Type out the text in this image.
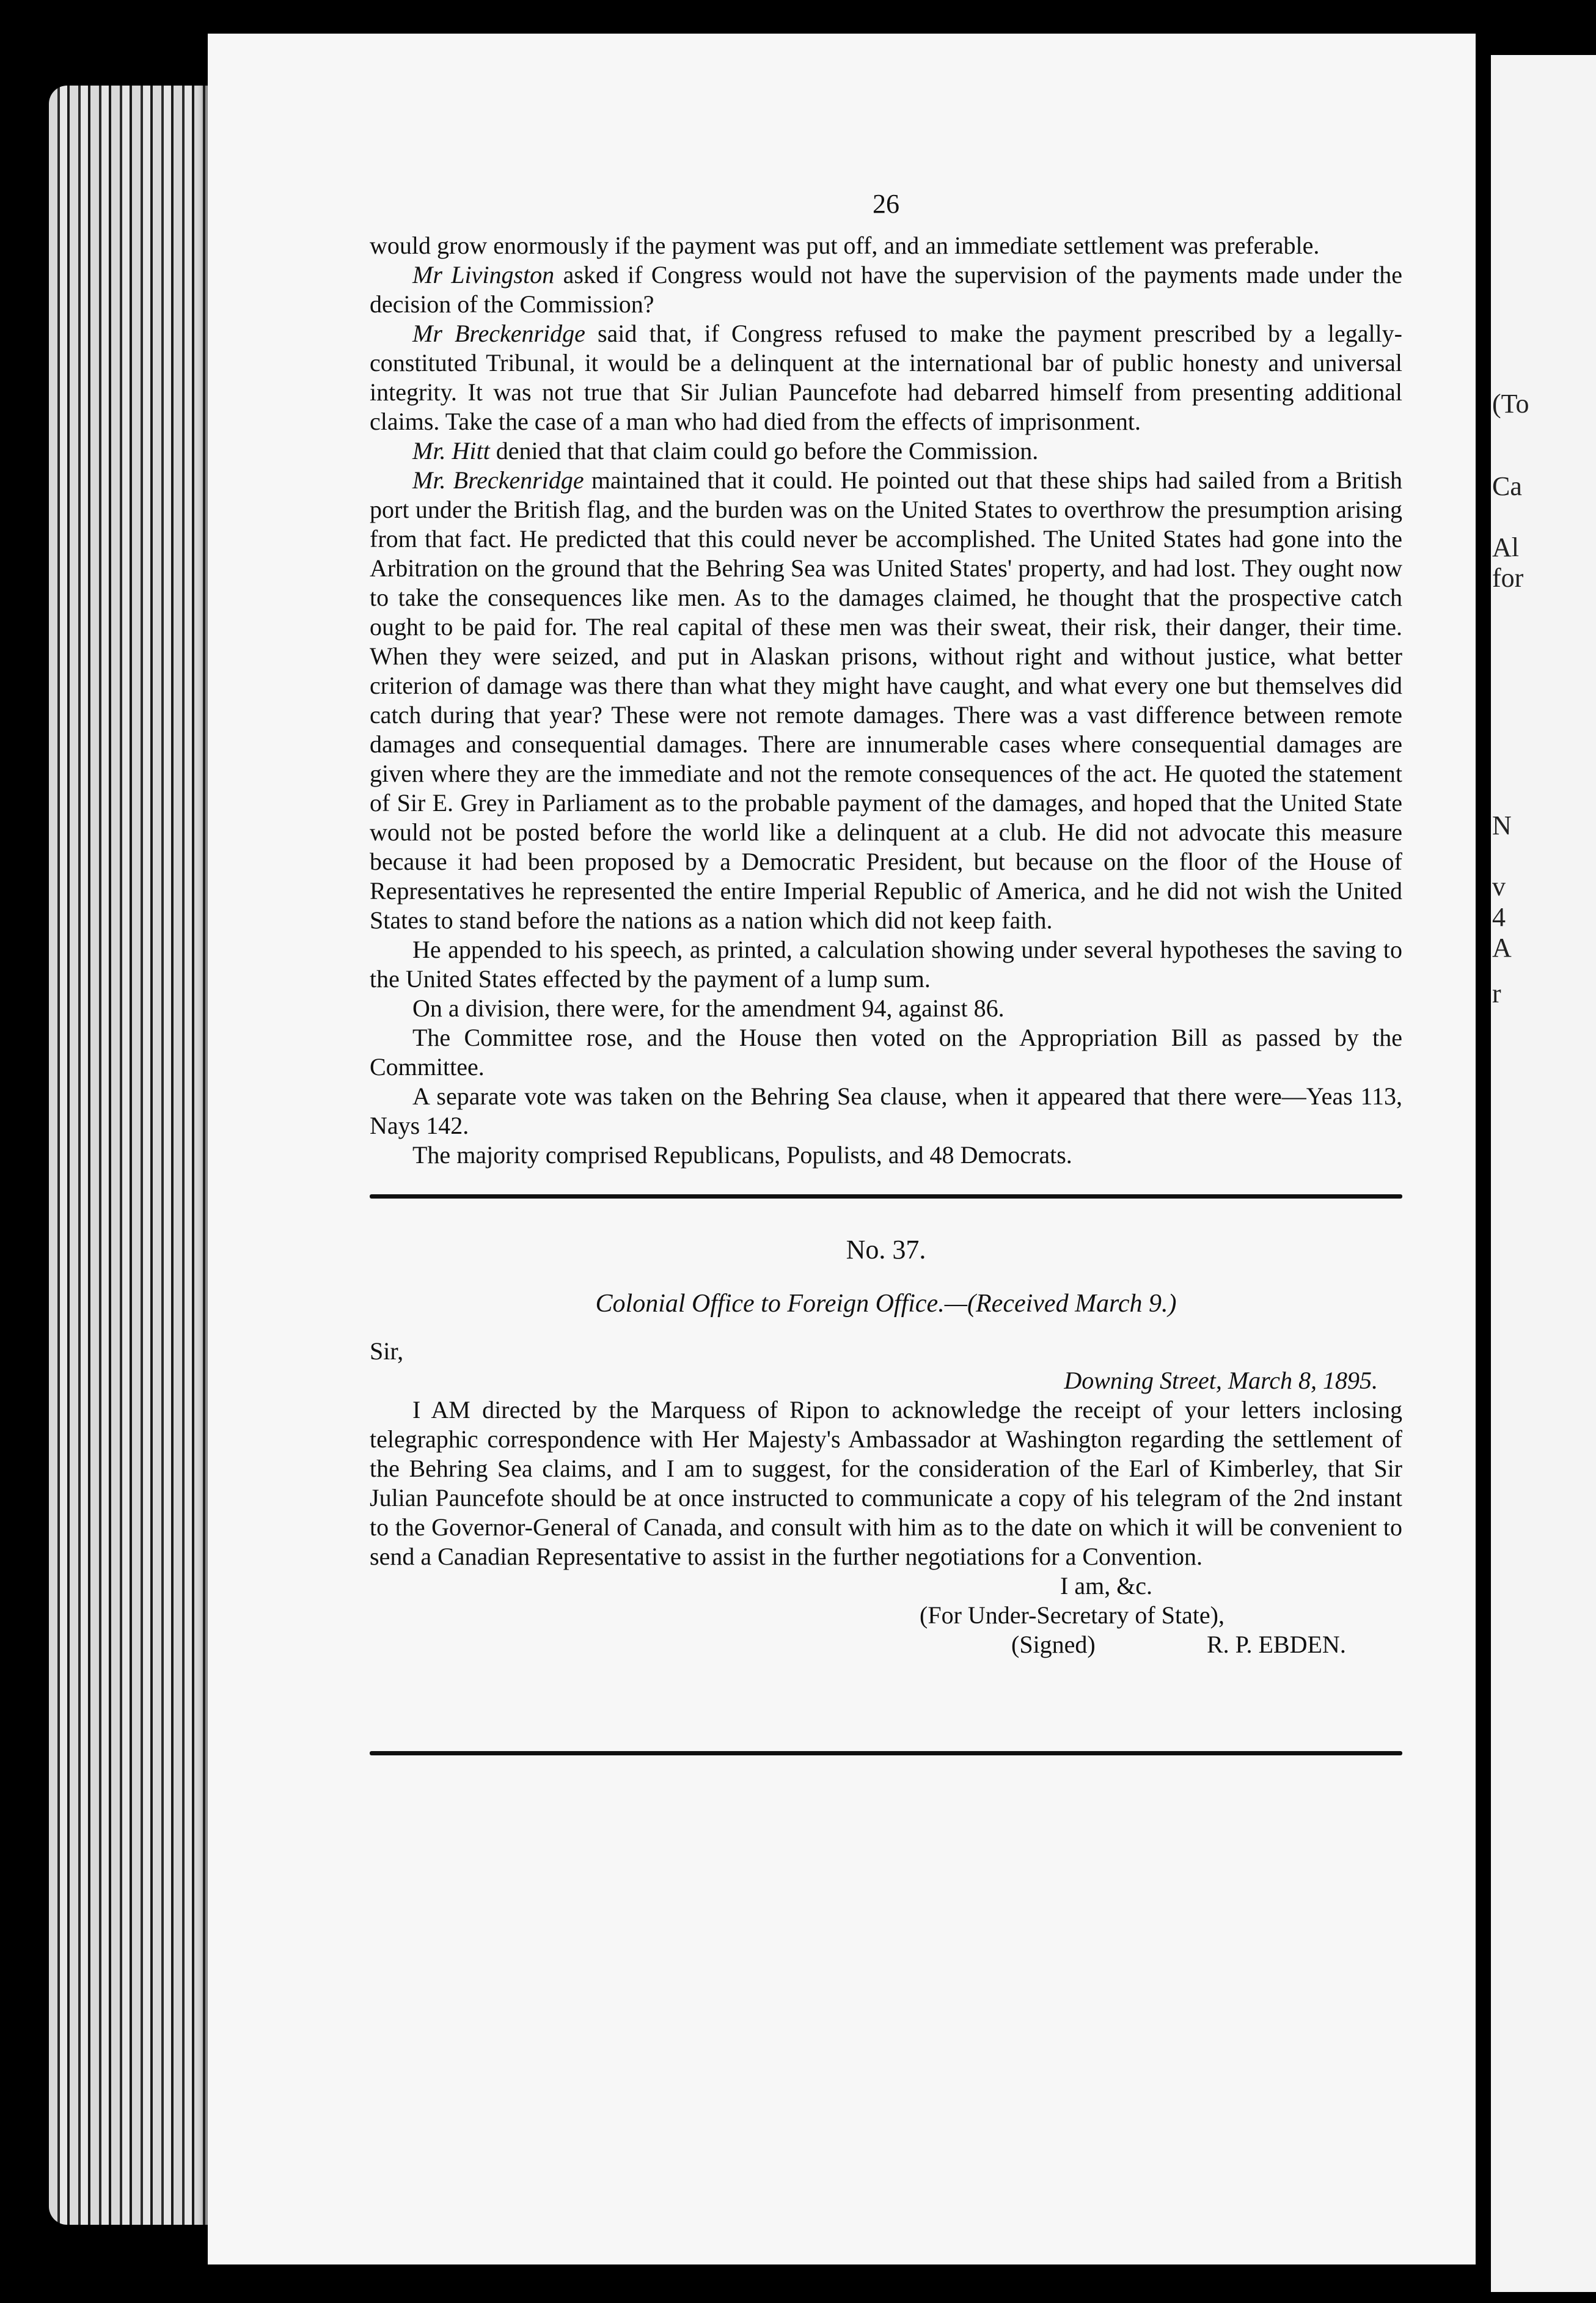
(To
Ca
Al
for
N
v
4
A
r
26

would grow enormously if the payment was put off, and an immediate settlement was preferable.

Mr Livingston asked if Congress would not have the supervision of the payments made under the decision of the Commission?

Mr Breckenridge said that, if Congress refused to make the payment prescribed by a legally-constituted Tribunal, it would be a delinquent at the international bar of public honesty and universal integrity. It was not true that Sir Julian Pauncefote had debarred himself from presenting additional claims. Take the case of a man who had died from the effects of imprisonment.

Mr. Hitt denied that that claim could go before the Commission.

Mr. Breckenridge maintained that it could. He pointed out that these ships had sailed from a British port under the British flag, and the burden was on the United States to overthrow the presumption arising from that fact. He predicted that this could never be accomplished. The United States had gone into the Arbitration on the ground that the Behring Sea was United States' property, and had lost. They ought now to take the consequences like men. As to the damages claimed, he thought that the prospective catch ought to be paid for. The real capital of these men was their sweat, their risk, their danger, their time. When they were seized, and put in Alaskan prisons, without right and without justice, what better criterion of damage was there than what they might have caught, and what every one but themselves did catch during that year? These were not remote damages. There was a vast difference between remote damages and consequential damages. There are innumerable cases where consequential damages are given where they are the immediate and not the remote consequences of the act. He quoted the statement of Sir E. Grey in Parliament as to the probable payment of the damages, and hoped that the United State would not be posted before the world like a delinquent at a club. He did not advocate this measure because it had been proposed by a Democratic President, but because on the floor of the House of Representatives he represented the entire Imperial Republic of America, and he did not wish the United States to stand before the nations as a nation which did not keep faith.

He appended to his speech, as printed, a calculation showing under several hypotheses the saving to the United States effected by the payment of a lump sum.

On a division, there were, for the amendment 94, against 86.

The Committee rose, and the House then voted on the Appropriation Bill as passed by the Committee.

A separate vote was taken on the Behring Sea clause, when it appeared that there were—Yeas 113, Nays 142.

The majority comprised Republicans, Populists, and 48 Democrats.

No. 37.
Colonial Office to Foreign Office.—(Received March 9.)

Sir,

Downing Street, March 8, 1895.

I AM directed by the Marquess of Ripon to acknowledge the receipt of your letters inclosing telegraphic correspondence with Her Majesty's Ambassador at Washington regarding the settlement of the Behring Sea claims, and I am to suggest, for the consideration of the Earl of Kimberley, that Sir Julian Pauncefote should be at once instructed to communicate a copy of his telegram of the 2nd instant to the Governor-General of Canada, and consult with him as to the date on which it will be convenient to send a Canadian Representative to assist in the further negotiations for a Convention.

I am, &c.

(For Under-Secretary of State),

(Signed)	R. P. EBDEN.
